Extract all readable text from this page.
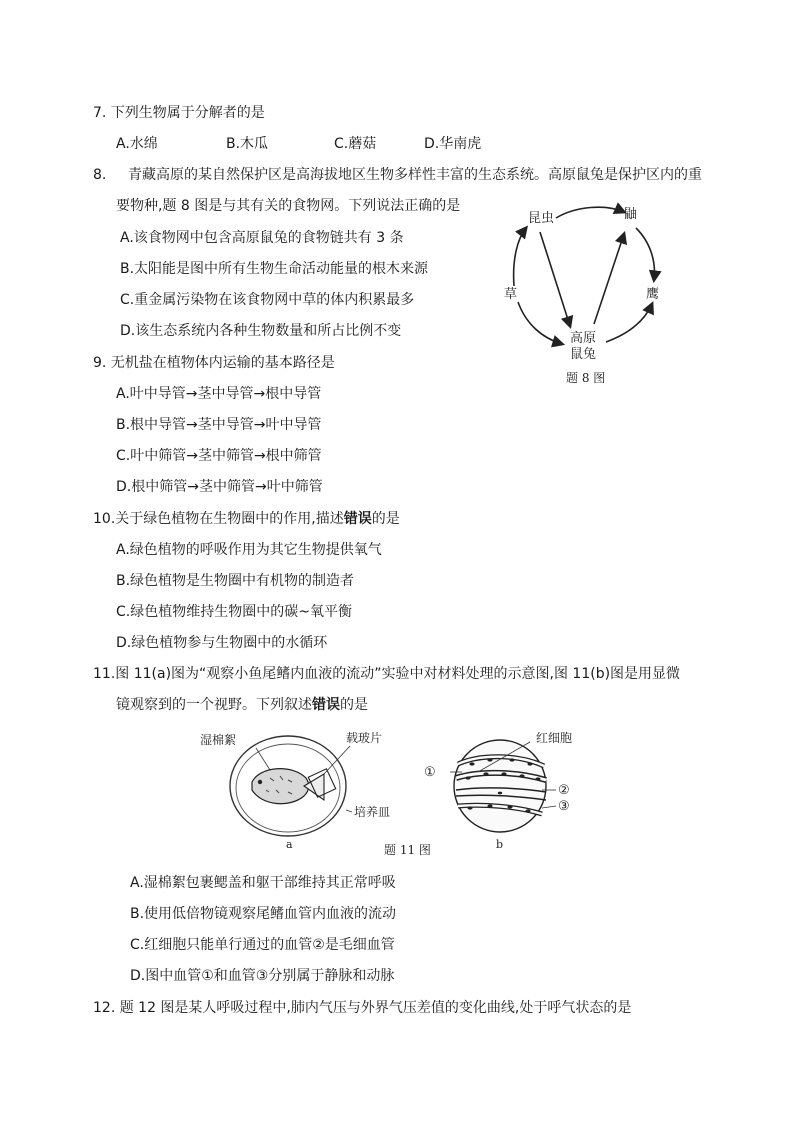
7. 下列生物属于分解者的是
A.水绵	B.木瓜	C.蘑菇	D.华南虎
8. 青藏高原的某自然保护区是高海拔地区生物多样性丰富的生态系统。高原鼠兔是保护区内的重
要物种,题 8 图是与其有关的食物网。下列说法正确的是
A.该食物网中包含高原鼠兔的食物链共有 3 条
B.太阳能是图中所有生物生命活动能量的根木来源
C.重金属污染物在该食物网中草的体内积累最多
D.该生态系统内各种生物数量和所占比例不变
昆虫	鼬
草	鹰
高原
鼠兔
题 8 图
9. 无机盐在植物体内运输的基本路径是
A.叶中导管→茎中导管→根中导管
B.根中导管→茎中导管→叶中导管
C.叶中筛管→茎中筛管→根中筛管
D.根中筛管→茎中筛管→叶中筛管
10.关于绿色植物在生物圈中的作用,描述错误的是
A.绿色植物的呼吸作用为其它生物提供氧气
B.绿色植物是生物圈中有机物的制造者
C.绿色植物维持生物圈中的碳~氧平衡
D.绿色植物参与生物圈中的水循环
11.图 11(a)图为“观察小鱼尾鳍内血液的流动”实验中对材料处理的示意图,图 11(b)图是用显微
镜观察到的一个视野。下列叙述错误的是
湿棉絮	载玻片
培养皿
a
红细胞
①
②
③
b
题 11 图
A.湿棉絮包裹鳃盖和躯干部维持其正常呼吸
B.使用低倍物镜观察尾鳍血管内血液的流动
C.红细胞只能单行通过的血管②是毛细血管
D.图中血管①和血管③分别属于静脉和动脉
12. 题 12 图是某人呼吸过程中,肺内气压与外界气压差值的变化曲线,处于呼气状态的是
